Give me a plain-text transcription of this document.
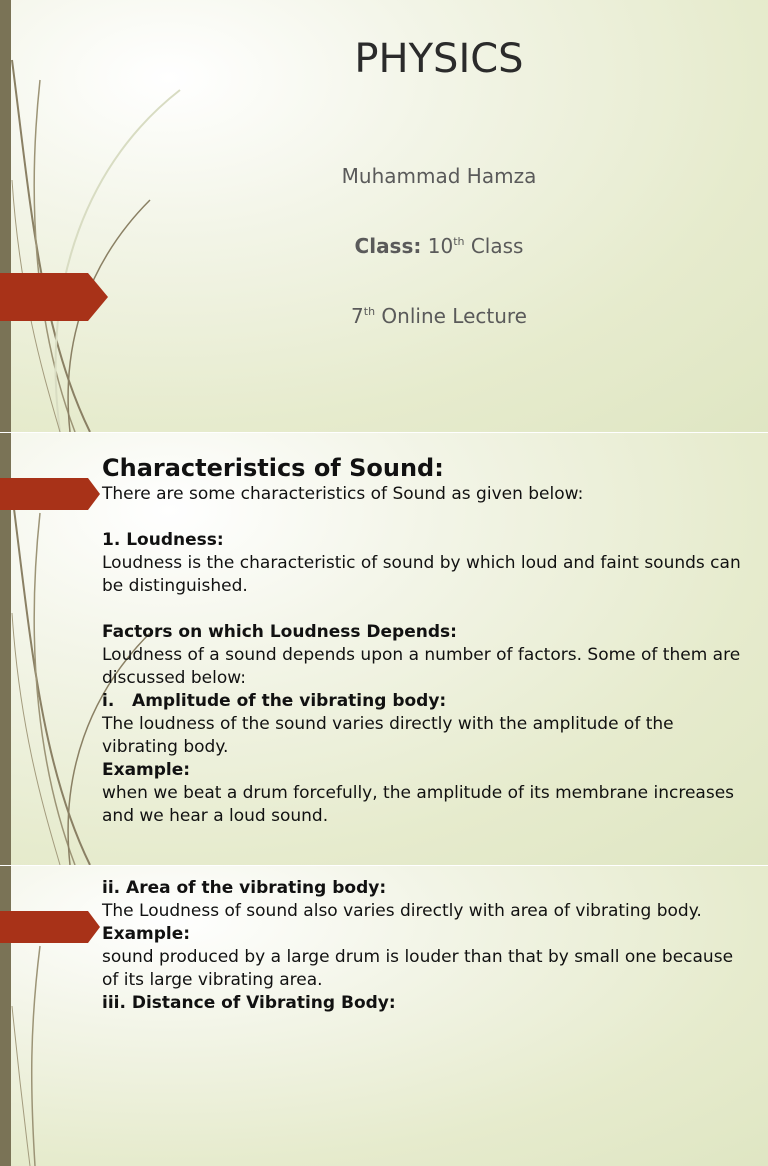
PHYSICS
Muhammad Hamza
Class: 10th Class
7th Online Lecture

Characteristics of Sound:

There are some characteristics of Sound as given below:

1. Loudness:

Loudness is the characteristic of sound by which loud and faint sounds can be distinguished.

Factors on which Loudness Depends:

Loudness of a sound depends upon a number of factors. Some of them are discussed below:

i.   Amplitude of the vibrating body:

The loudness of the sound varies directly with the amplitude of the vibrating body.

Example:

when we beat a drum forcefully, the amplitude of its membrane increases and we hear a loud sound.

ii. Area of the vibrating body:

The Loudness of sound also varies directly with area of vibrating body.

Example:

sound produced by a large drum is louder than that by small one because of its large vibrating area.

iii. Distance of Vibrating Body:
